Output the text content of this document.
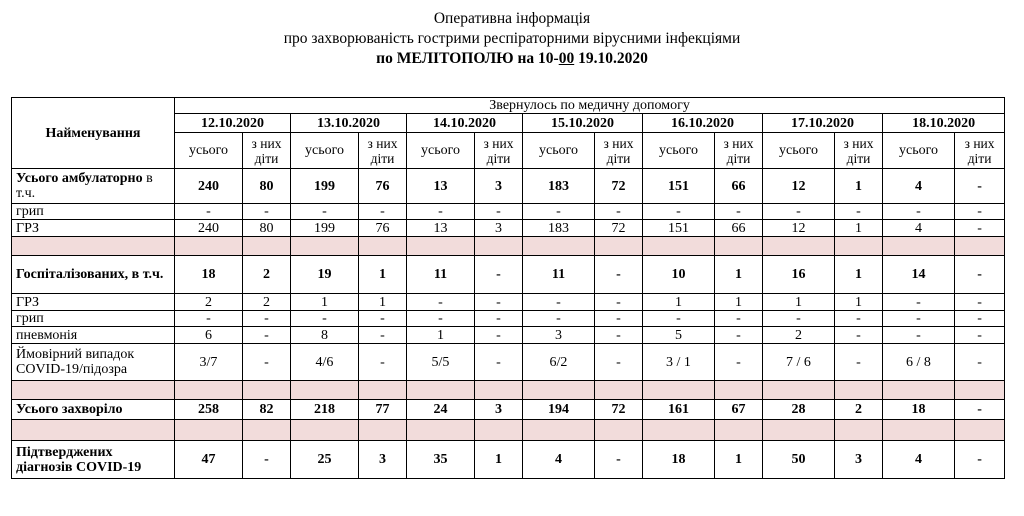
Оперативна інформація
про захворюваність гострими респіраторними вірусними інфекціями
по МЕЛІТОПОЛЮ на 10-00 19.10.2020
Найменування	Звернулось по медичну допомогу													
	12.10.2020		13.10.2020		14.10.2020		15.10.2020		16.10.2020		17.10.2020		18.10.2020	
	усього	з них діти	усього	з них діти	усього	з них діти	усього	з них діти	усього	з них діти	усього	з них діти	усього	з них діти
Усього амбулаторно в т.ч.	240	80	199	76	13	3	183	72	151	66	12	1	4	-
грип	-	-	-	-	-	-	-	-	-	-	-	-	-	-
ГРЗ	240	80	199	76	13	3	183	72	151	66	12	1	4	-

Госпіталізованих, в т.ч.	18	2	19	1	11	-	11	-	10	1	16	1	14	-
ГРЗ	2	2	1	1	-	-	-	-	1	1	1	1	-	-
грип	-	-	-	-	-	-	-	-	-	-	-	-	-	-
пневмонія	6	-	8	-	1	-	3	-	5	-	2	-	-	-
Ймовірний випадок COVID-19/підозра	3/7	-	4/6	-	5/5	-	6/2	-	3 / 1	-	7 / 6	-	6 / 8	-

Усього захворіло	258	82	218	77	24	3	194	72	161	67	28	2	18	-

Підтверджених діагнозів COVID-19	47	-	25	3	35	1	4	-	18	1	50	3	4	-
